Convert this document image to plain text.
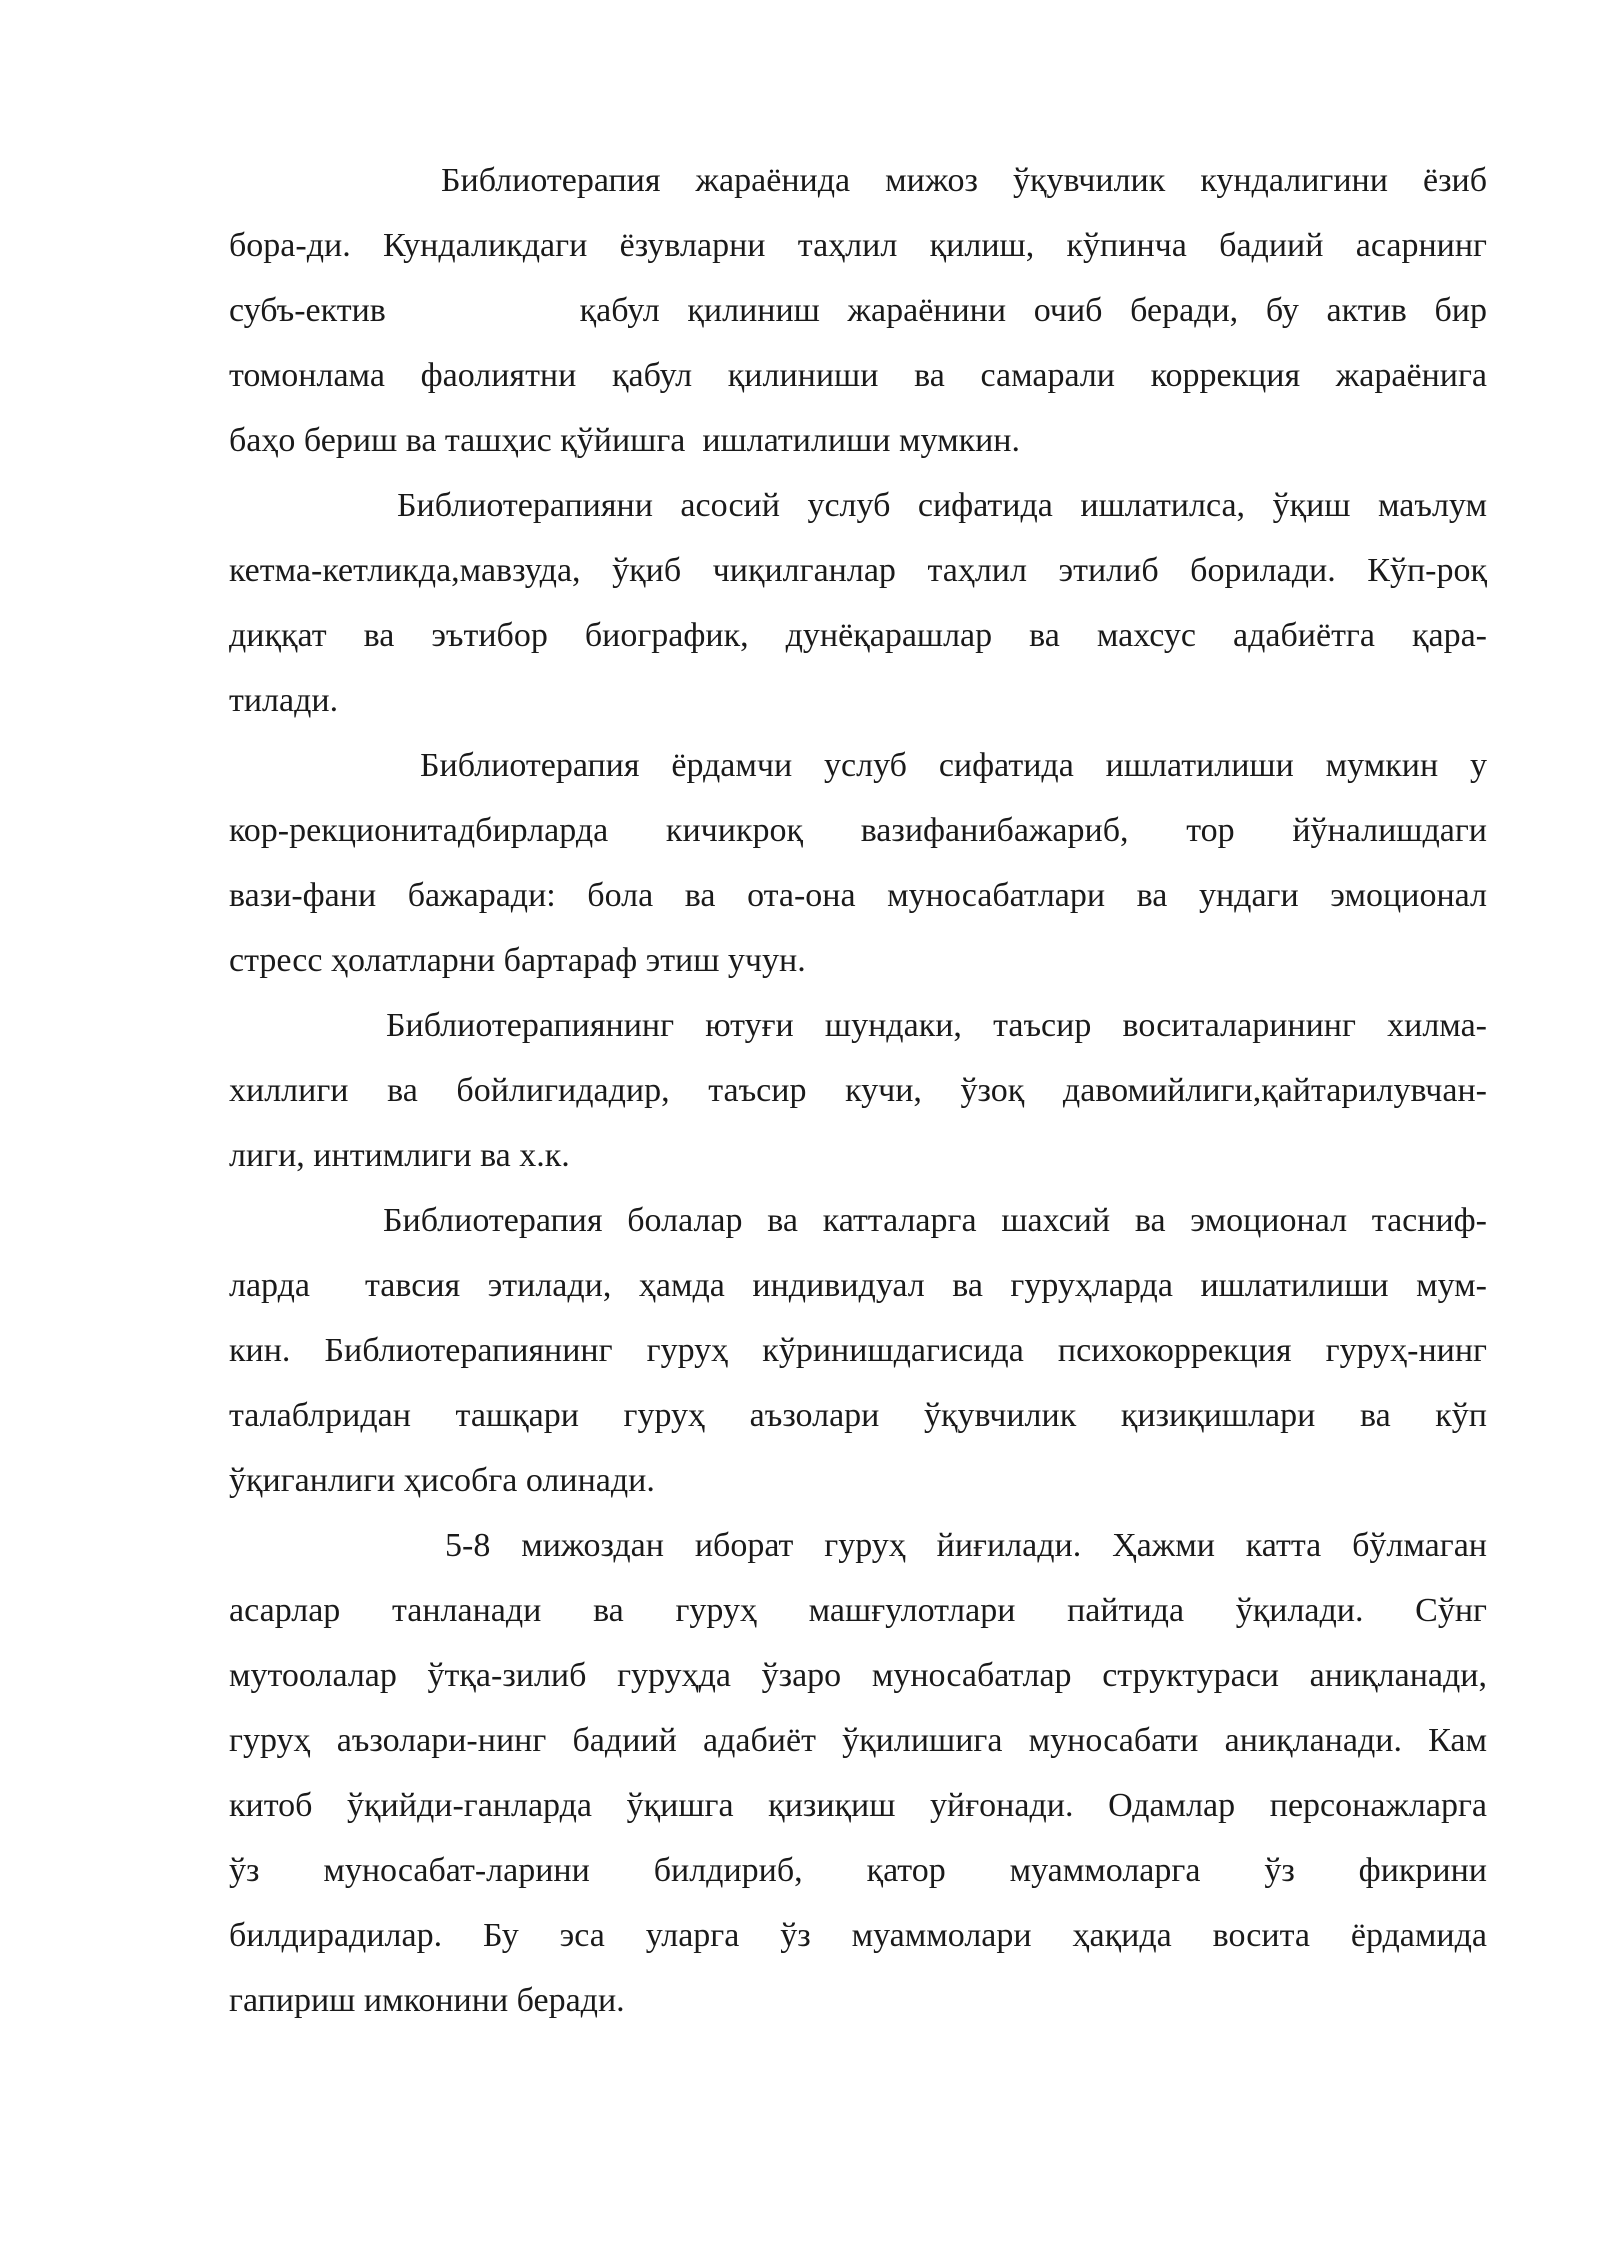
Библиотерапия жараёнида мижоз ўқувчилик кундалигини ёзиб
бора-ди. Кундаликдаги ёзувларни таҳлил қилиш, кўпинча бадиий асарнинг
субъ-ектив       қабул қилиниш жараёнини очиб беради, бу актив бир
томонлама фаолиятни қабул қилиниши ва самарали коррекция жараёнига
баҳо бериш ва ташҳис қўйишга  ишлатилиши мумкин.
Библиотерапияни асосий услуб сифатида ишлатилса, ўқиш маълум
кетма-кетликда,мавзуда, ўқиб чиқилганлар таҳлил этилиб борилади. Кўп-роқ
диққат ва эътибор биографик, дунёқарашлар ва махсус адабиётга қара-
тилади.
Библиотерапия ёрдамчи услуб сифатида ишлатилиши мумкин у
кор-рекционитадбирларда кичикроқ вазифанибажариб, тор йўналишдаги
вази-фани бажаради: бола ва ота-она муносабатлари ва ундаги эмоционал
стресс ҳолатларни бартараф этиш учун.
Библиотерапиянинг ютуғи шундаки, таъсир воситаларининг хилма-
хиллиги ва бойлигидадир, таъсир кучи, ўзоқ давомийлиги,қайтарилувчан-
лиги, интимлиги ва х.к.
Библиотерапия болалар ва катталарга шахсий ва эмоционал тасниф-
ларда  тавсия этилади, ҳамда индивидуал ва гуруҳларда ишлатилиши мум-
кин. Библиотерапиянинг гуруҳ кўринишдагисида психокоррекция гуруҳ-нинг
талаблридан ташқари гуруҳ аъзолари ўқувчилик қизиқишлари ва кўп
ўқиганлиги ҳисобга олинади.
5-8 мижоздан иборат гуруҳ йиғилади. Ҳажми катта бўлмаган
асарлар танланади ва гуруҳ машғулотлари пайтида ўқилади. Сўнг
мутоолалар ўтқа-зилиб гуруҳда ўзаро муносабатлар структураси аниқланади,
гуруҳ аъзолари-нинг бадиий адабиёт ўқилишига муносабати аниқланади. Кам
китоб ўқийди-ганларда ўқишга қизиқиш уйғонади. Одамлар персонажларга
ўз муносабат-ларини билдириб, қатор муаммоларга ўз фикрини
билдирадилар. Бу эса уларга ўз муаммолари ҳақида восита ёрдамида
гапириш имконини беради.
